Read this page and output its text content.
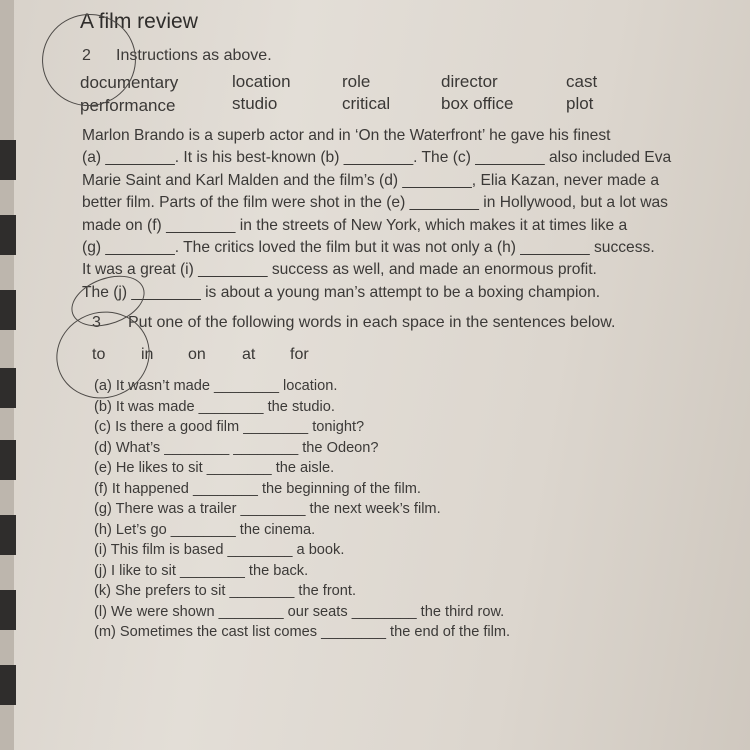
A film review
2 Instructions as above.
documentary	location	role	director	cast
performance	studio	critical	box office	plot
Marlon Brando is a superb actor and in ‘On the Waterfront’ he gave his finest
(a) ________. It is his best-known (b) ________. The (c) ________ also included Eva
Marie Saint and Karl Malden and the film’s (d) ________, Elia Kazan, never made a
better film. Parts of the film were shot in the (e) ________ in Hollywood, but a lot was
made on (f) ________ in the streets of New York, which makes it at times like a
(g) ________. The critics loved the film but it was not only a (h) ________ success.
It was a great (i) ________ success as well, and made an enormous profit.
The (j) ________ is about a young man’s attempt to be a boxing champion.
3 Put one of the following words in each space in the sentences below.
to in on at for
(a) It wasn’t made ________ location.
(b) It was made ________ the studio.
(c) Is there a good film ________ tonight?
(d) What’s ________ ________ the Odeon?
(e) He likes to sit ________ the aisle.
(f) It happened ________ the beginning of the film.
(g) There was a trailer ________ the next week’s film.
(h) Let’s go ________ the cinema.
(i) This film is based ________ a book.
(j) I like to sit ________ the back.
(k) She prefers to sit ________ the front.
(l) We were shown ________ our seats ________ the third row.
(m) Sometimes the cast list comes ________ the end of the film.
